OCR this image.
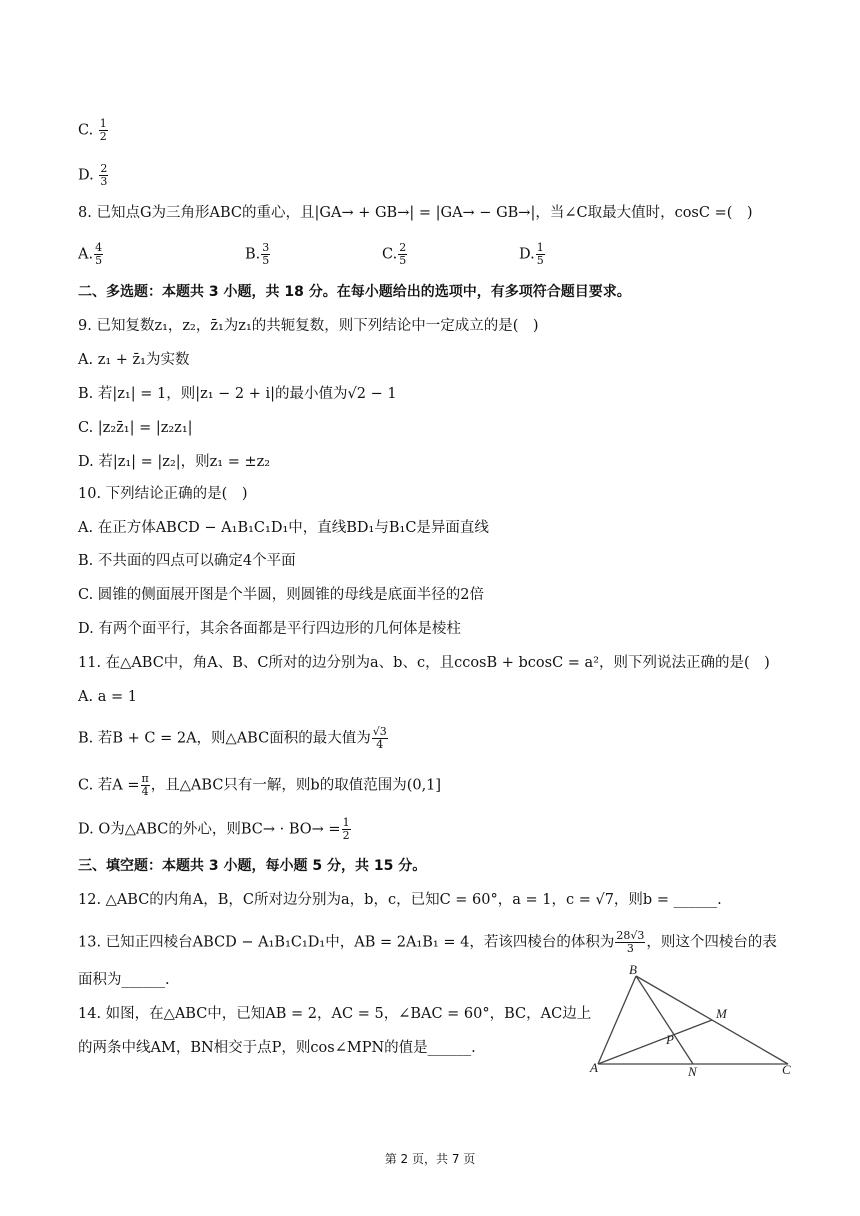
C. $\frac{1}{2}$
D. $\frac{2}{3}$
8. 已知点G为三角形ABC的重心，且|GA→ + GB→| = |GA→ − GB→|，当∠C取最大值时，cosC =(　)
A. $\frac{4}{5}$	B. $\frac{3}{5}$	C. $\frac{2}{5}$	D. $\frac{1}{5}$
二、多选题：本题共 3 小题，共 18 分。在每小题给出的选项中，有多项符合题目要求。
9. 已知复数z₁，z₂，z̄₁为z₁的共轭复数，则下列结论中一定成立的是(　)
A. z₁ + z̄₁为实数
B. 若|z₁| = 1，则|z₁ − 2 + i|的最小值为√2 − 1
C. |z₂z̄₁| = |z₂z₁|
D. 若|z₁| = |z₂|，则z₁ = ±z₂
10. 下列结论正确的是(　)
A. 在正方体ABCD − A₁B₁C₁D₁中，直线BD₁与B₁C是异面直线
B. 不共面的四点可以确定4个平面
C. 圆锥的侧面展开图是个半圆，则圆锥的母线是底面半径的2倍
D. 有两个面平行，其余各面都是平行四边形的几何体是棱柱
11. 在△ABC中，角A、B、C所对的边分别为a、b、c，且ccosB + bcosC = a²，则下列说法正确的是(　)
A. a = 1
B. 若B + C = 2A，则△ABC面积的最大值为 $\frac{√3}{4}$
C. 若$A = \frac{\pi}{4}$ ，且△ABC只有一解，则b的取值范围为(0,1]
D. O为△ABC的外心，则$BC\to \cdot BO\to = \frac{1}{2}$
三、填空题：本题共 3 小题，每小题 5 分，共 15 分。
12. △ABC的内角A，B，C所对边分别为a，b，c，已知C = 60°，a = 1，c = √7，则b = ______.
13. 已知正四棱台ABCD − A₁B₁C₁D₁中，AB = 2A₁B₁ = 4，若该四棱台的体积为 $\frac{28√3}{3}$ ，则这个四棱台的表
面积为______.
14. 如图，在△ABC中，已知AB = 2，AC = 5，∠BAC = 60°，BC，AC边上
的两条中线AM，BN相交于点P，则cos∠MPN的值是______.
B
M
P
A	N	C
第 2 页，共 7 页
